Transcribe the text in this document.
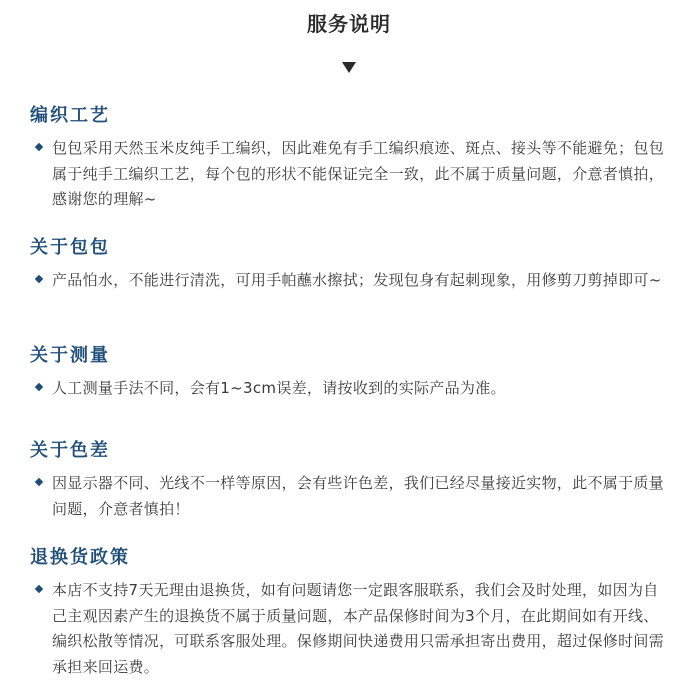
服务说明
编织工艺
包包采用天然玉米皮纯手工编织，因此难免有手工编织痕迹、斑点、接头等不能避免；包包属于纯手工编织工艺，每个包的形状不能保证完全一致，此不属于质量问题，介意者慎拍，感谢您的理解~
关于包包
产品怕水，不能进行清洗，可用手帕蘸水擦拭；发现包身有起刺现象，用修剪刀剪掉即可~
关于测量
人工测量手法不同，会有1~3cm误差，请按收到的实际产品为准。
关于色差
因显示器不同、光线不一样等原因，会有些许色差，我们已经尽量接近实物，此不属于质量问题，介意者慎拍！
退换货政策
本店不支持7天无理由退换货，如有问题请您一定跟客服联系，我们会及时处理，如因为自己主观因素产生的退换货不属于质量问题，本产品保修时间为3个月，在此期间如有开线、编织松散等情况，可联系客服处理。保修期间快递费用只需承担寄出费用，超过保修时间需承担来回运费。
